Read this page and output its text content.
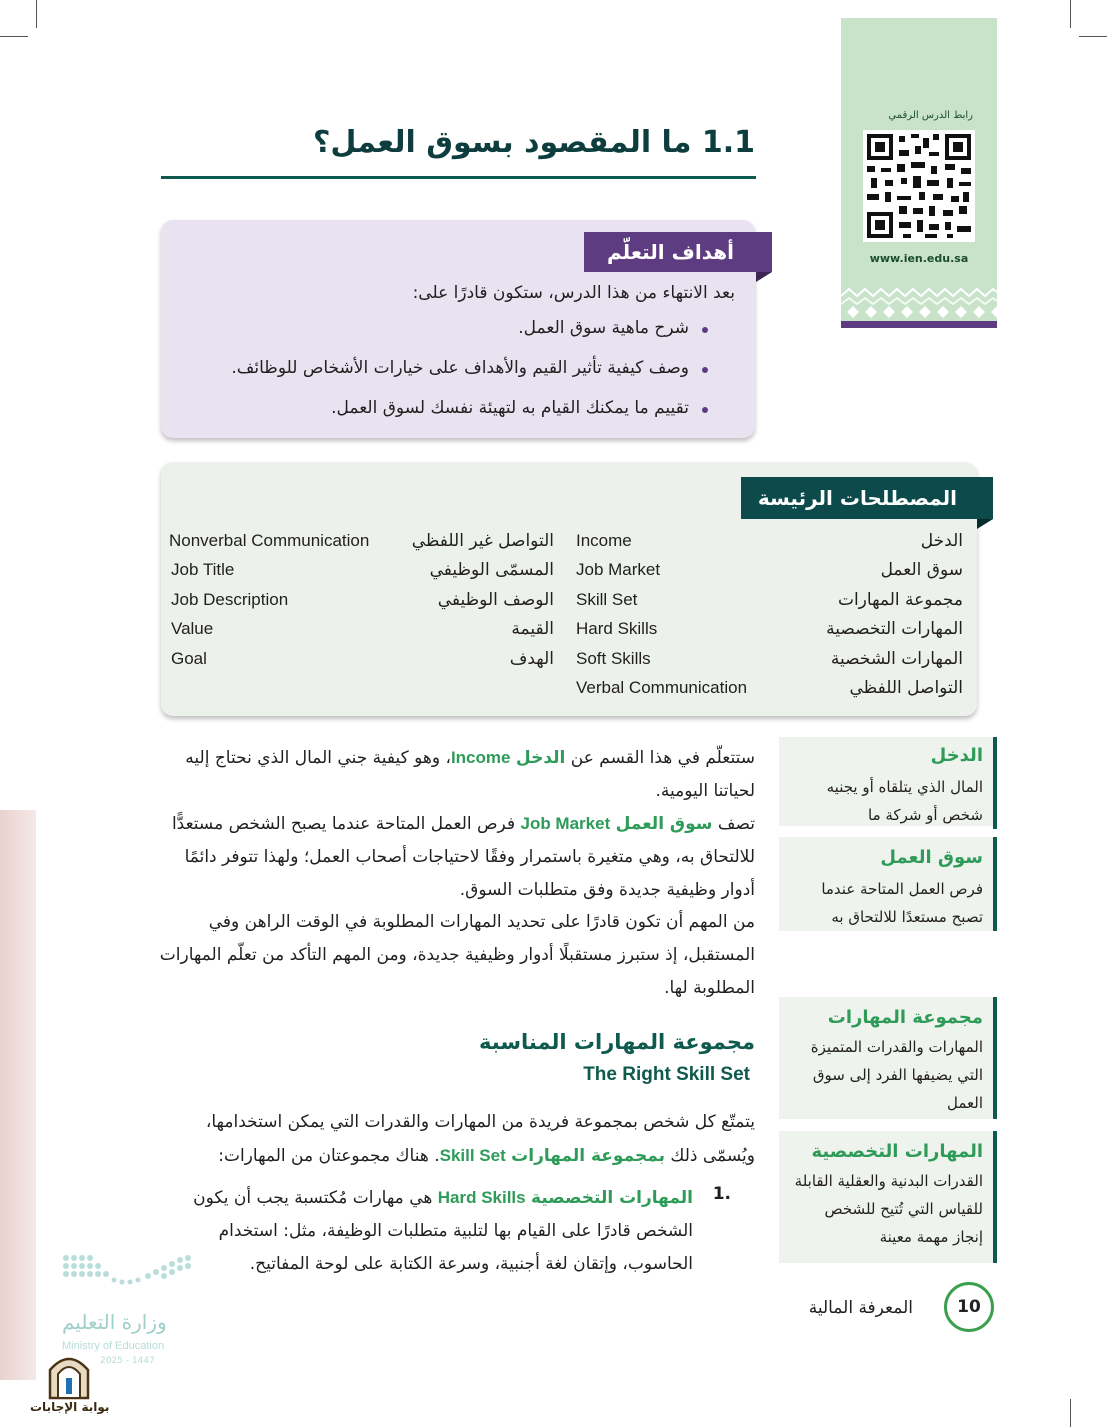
رابط الدرس الرقمي
www.ien.edu.sa
1.1 ما المقصود بسوق العمل؟
أهداف التعلّم
بعد الانتهاء من هذا الدرس، ستكون قادرًا على:
شرح ماهية سوق العمل.
وصف كيفية تأثير القيم والأهداف على خيارات الأشخاص للوظائف.
تقييم ما يمكنك القيام به لتهيئة نفسك لسوق العمل.
المصطلحات الرئيسة
الدخل
Income
سوق العمل
Job Market
مجموعة المهارات
Skill Set
المهارات التخصصية
Hard Skills
المهارات الشخصية
Soft Skills
التواصل اللفظي
Verbal Communication
التواصل غير اللفظي
Nonverbal Communication
المسمّى الوظيفي
Job Title
الوصف الوظيفي
Job Description
القيمة
Value
الهدف
Goal
الدخل
المال الذي يتلقاه أو يجنيه شخص أو شركة ما
سوق العمل
فرص العمل المتاحة عندما تصبح مستعدًا للالتحاق به
مجموعة المهارات
المهارات والقدرات المتميزة التي يضيفها الفرد إلى سوق العمل
المهارات التخصصية
القدرات البدنية والعقلية القابلة للقياس التي تُتيح للشخص إنجاز مهمة معينة
ستتعلّم في هذا القسم عن الدخل Income، وهو كيفية جني المال الذي نحتاج إليه لحياتنا اليومية.
تصف سوق العمل Job Market فرص العمل المتاحة عندما يصبح الشخص مستعدًّا للالتحاق به، وهي متغيرة باستمرار وفقًا لاحتياجات أصحاب العمل؛ ولهذا تتوفر دائمًا أدوار وظيفية جديدة وفق متطلبات السوق.
من المهم أن تكون قادرًا على تحديد المهارات المطلوبة في الوقت الراهن وفي المستقبل، إذ ستبرز مستقبلًا أدوار وظيفية جديدة، ومن المهم التأكد من تعلّم المهارات المطلوبة لها.
مجموعة المهارات المناسبة
The Right Skill Set
يتمتّع كل شخص بمجموعة فريدة من المهارات والقدرات التي يمكن استخدامها، ويُسمّى ذلك بمجموعة المهارات Skill Set. هناك مجموعتان من المهارات:
1.
المهارات التخصصية Hard Skills هي مهارات مُكتسبة يجب أن يكون الشخص قادرًا على القيام بها لتلبية متطلبات الوظيفة، مثل: استخدام الحاسوب، وإتقان لغة أجنبية، وسرعة الكتابة على لوحة المفاتيح.
10
المعرفة المالية
وزارة التعليم
Ministry of Education
2025 - 1447
بوابة الإجابات
